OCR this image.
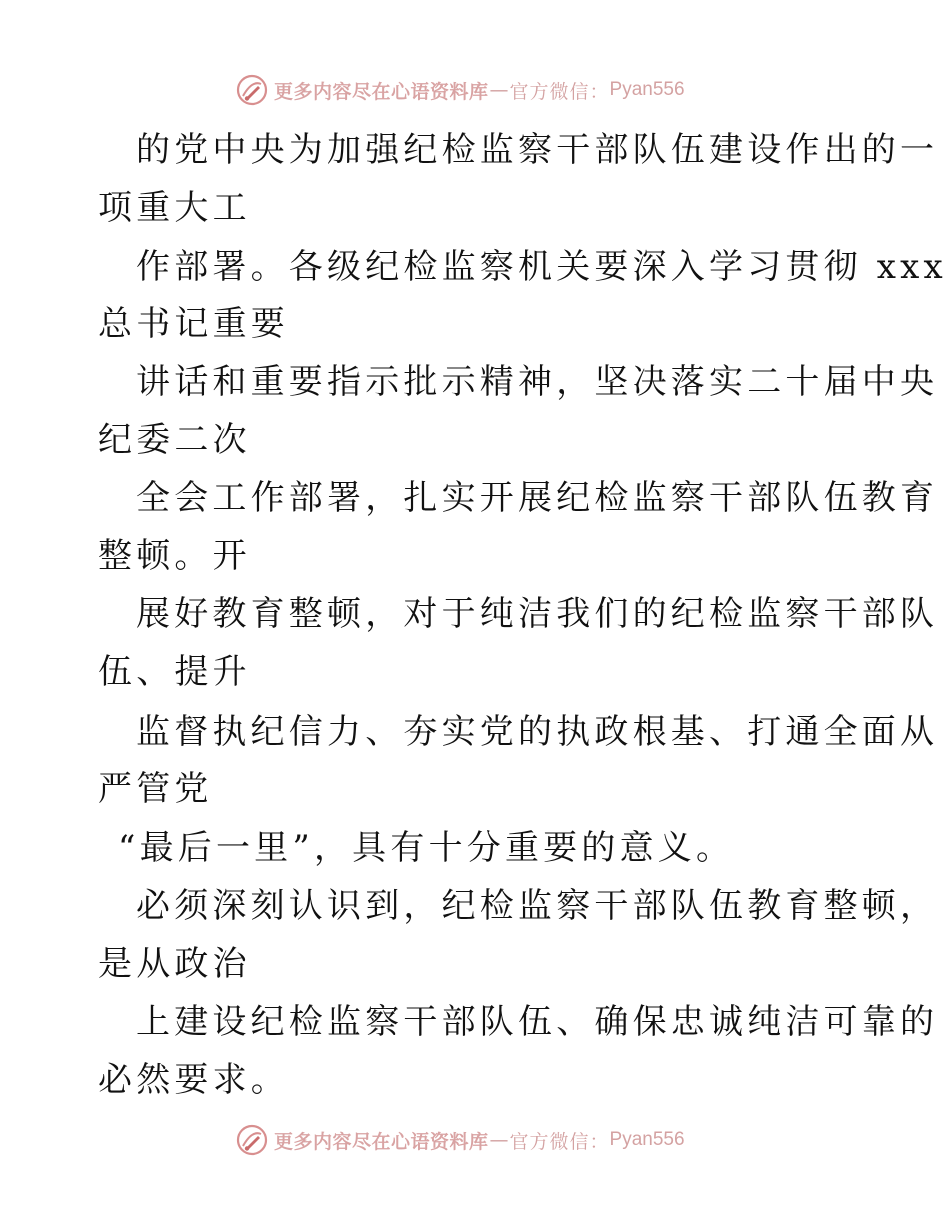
更多内容尽在心语资料库 — 官方微信： Pyan556
的党中央为加强纪检监察干部队伍建设作出的一
项重大工
作部署。各级纪检监察机关要深入学习贯彻 xxx
总书记重要
讲话和重要指示批示精神，坚决落实二十届中央
纪委二次
全会工作部署，扎实开展纪检监察干部队伍教育
整顿。开
展好教育整顿，对于纯洁我们的纪检监察干部队
伍、提升
监督执纪信力、夯实党的执政根基、打通全面从
严管党
“最后一里”，具有十分重要的意义。
必须深刻认识到，纪检监察干部队伍教育整顿，
是从政治
上建设纪检监察干部队伍、确保忠诚纯洁可靠的
必然要求。
更多内容尽在心语资料库 — 官方微信： Pyan556
